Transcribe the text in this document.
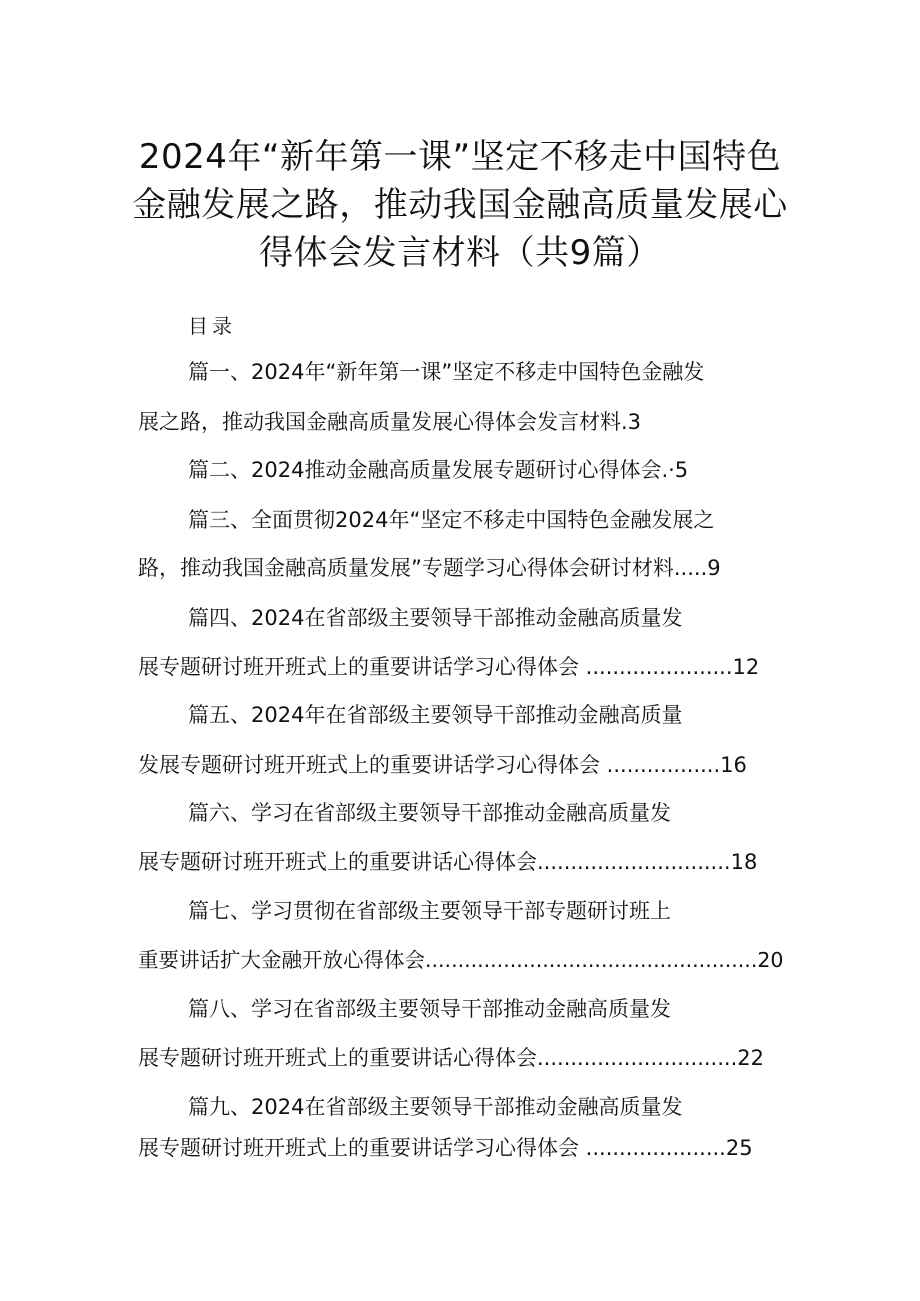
2024年“新年第一课”坚定不移走中国特色
金融发展之路，推动我国金融高质量发展心
得体会发言材料（共9篇）
目录
篇一、2024年“新年第一课”坚定不移走中国特色金融发
展之路，推动我国金融高质量发展心得体会发言材料.3
篇二、2024推动金融高质量发展专题研讨心得体会.·5
篇三、全面贯彻2024年“坚定不移走中国特色金融发展之
路，推动我国金融高质量发展”专题学习心得体会研讨材料.....9
篇四、2024在省部级主要领导干部推动金融高质量发
展专题研讨班开班式上的重要讲话学习心得体会 ......................12
篇五、2024年在省部级主要领导干部推动金融高质量
发展专题研讨班开班式上的重要讲话学习心得体会 .................16
篇六、学习在省部级主要领导干部推动金融高质量发
展专题研讨班开班式上的重要讲话心得体会.............................18
篇七、学习贯彻在省部级主要领导干部专题研讨班上
重要讲话扩大金融开放心得体会...................................................20
篇八、学习在省部级主要领导干部推动金融高质量发
展专题研讨班开班式上的重要讲话心得体会..............................22
篇九、2024在省部级主要领导干部推动金融高质量发
展专题研讨班开班式上的重要讲话学习心得体会 .....................25
